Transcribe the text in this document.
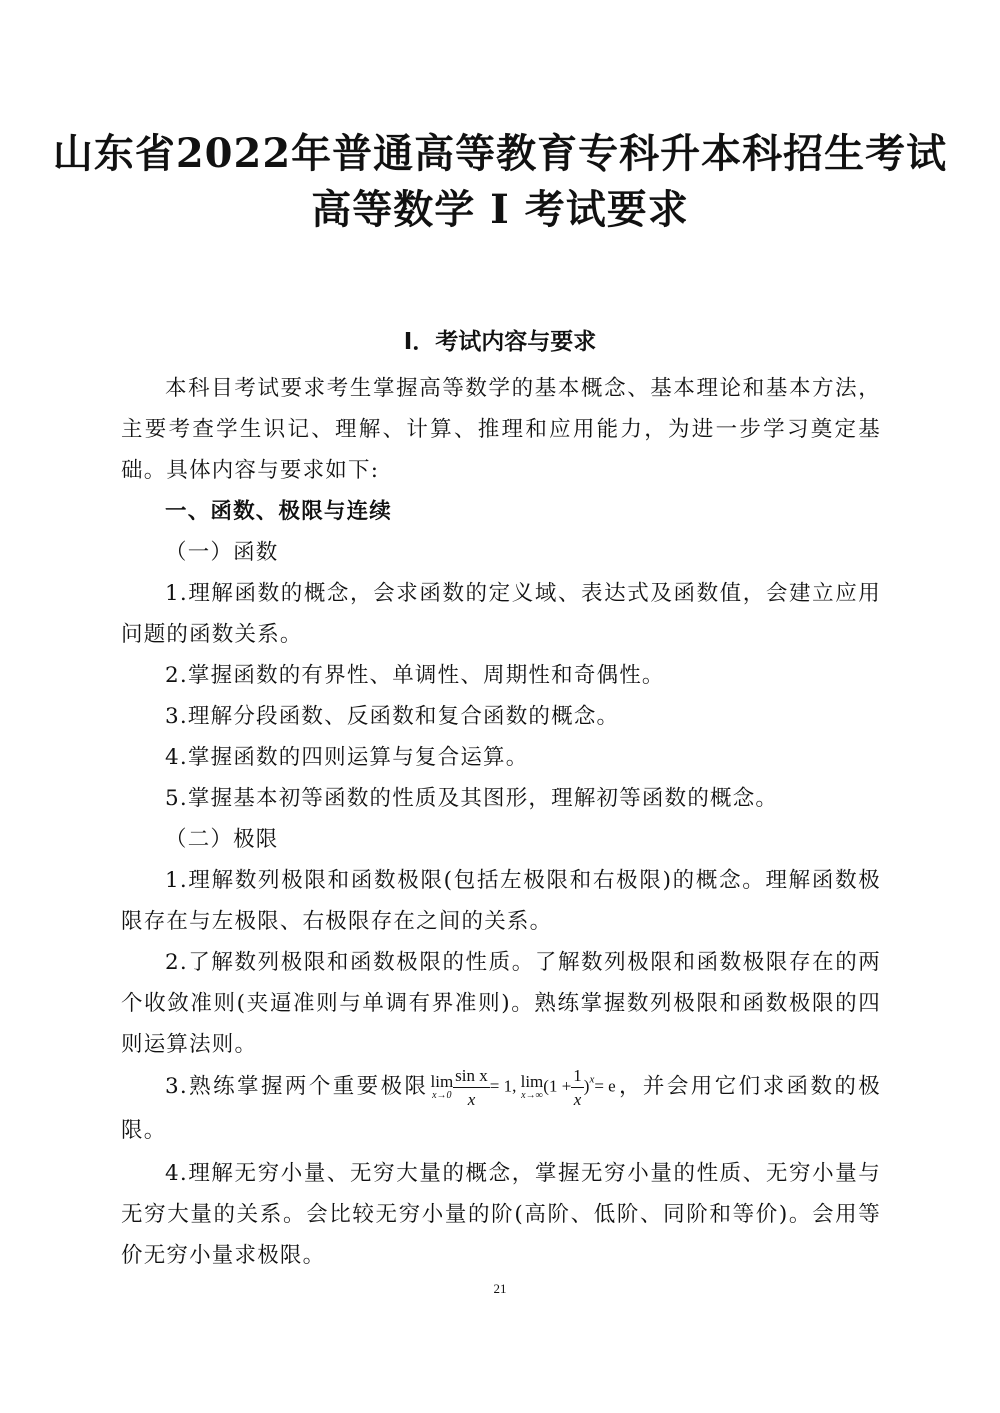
山东省2022年普通高等教育专科升本科招生考试
高等数学 I 考试要求
I．考试内容与要求

本科目考试要求考生掌握高等数学的基本概念、基本理论和基本方法，主要考查学生识记、理解、计算、推理和应用能力，为进一步学习奠定基础。具体内容与要求如下:

一、函数、极限与连续

（一）函数

1.理解函数的概念，会求函数的定义域、表达式及函数值，会建立应用问题的函数关系。

2.掌握函数的有界性、单调性、周期性和奇偶性。

3.理解分段函数、反函数和复合函数的概念。

4.掌握函数的四则运算与复合运算。

5.掌握基本初等函数的性质及其图形，理解初等函数的概念。

（二）极限

1.理解数列极限和函数极限(包括左极限和右极限)的概念。理解函数极限存在与左极限、右极限存在之间的关系。

2.了解数列极限和函数极限的性质。了解数列极限和函数极限存在的两个收敛准则(夹逼准则与单调有界准则)。熟练掌握数列极限和函数极限的四则运算法则。

3.熟练掌握两个重要极限 lim
$x\to 0 \frac{\text{sin x}}{x} = 1$, lim
x→∞
$(1 + \frac{1}{x} )^x= e$，并会用它们求函数的极限。

4.理解无穷小量、无穷大量的概念，掌握无穷小量的性质、无穷小量与无穷大量的关系。会比较无穷小量的阶(高阶、低阶、同阶和等价)。会用等价无穷小量求极限。

21
